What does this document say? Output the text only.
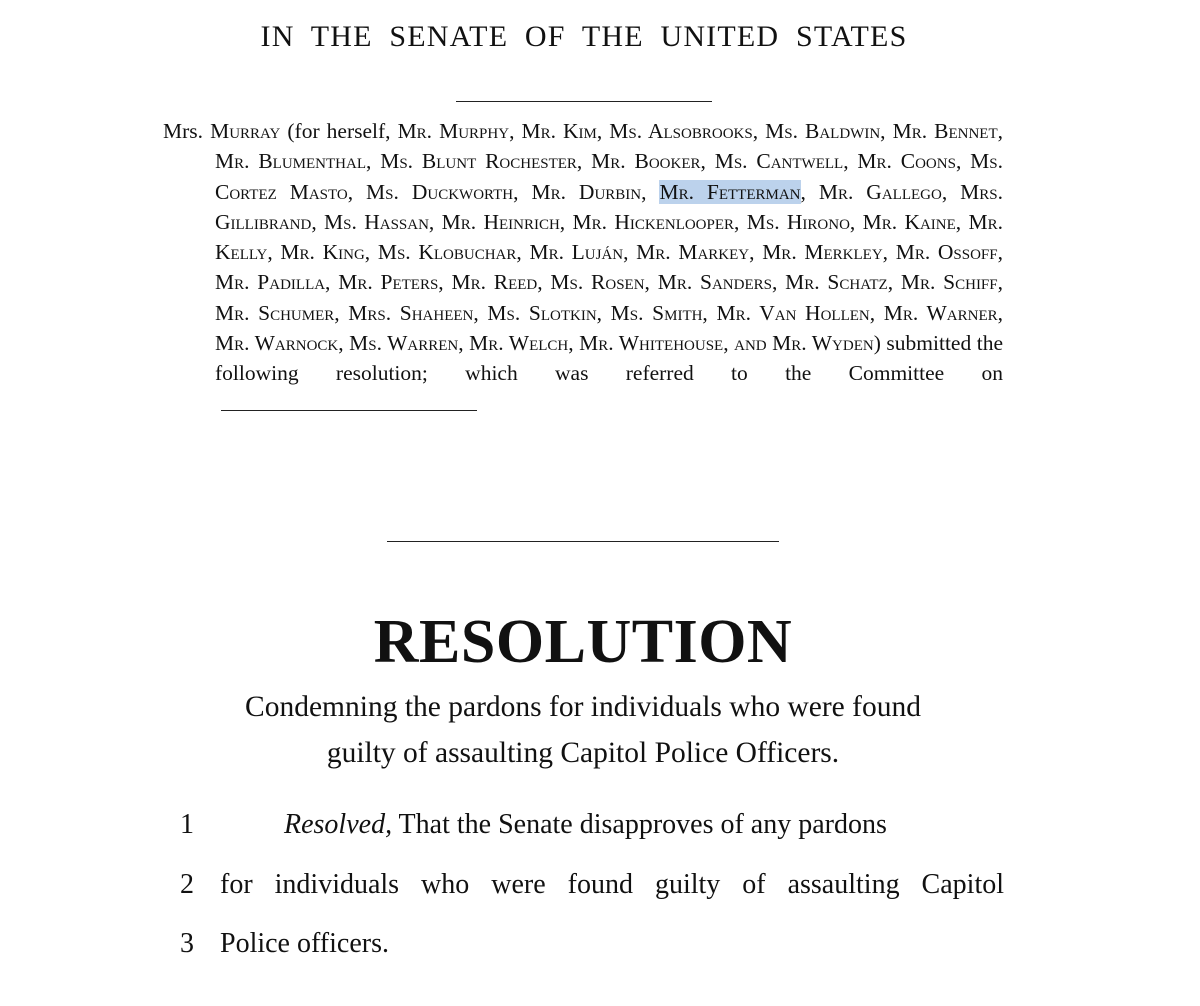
IN THE SENATE OF THE UNITED STATES
Mrs. Murray (for herself, Mr. Murphy, Mr. Kim, Ms. Alsobrooks, Ms. Baldwin, Mr. Bennet, Mr. Blumenthal, Ms. Blunt Rochester, Mr. Booker, Ms. Cantwell, Mr. Coons, Ms. Cortez Masto, Ms. Duckworth, Mr. Durbin, Mr. Fetterman, Mr. Gallego, Mrs. Gillibrand, Ms. Hassan, Mr. Heinrich, Mr. Hickenlooper, Ms. Hirono, Mr. Kaine, Mr. Kelly, Mr. King, Ms. Klobuchar, Mr. Luján, Mr. Markey, Mr. Merkley, Mr. Ossoff, Mr. Padilla, Mr. Peters, Mr. Reed, Ms. Rosen, Mr. Sanders, Mr. Schatz, Mr. Schiff, Mr. Schumer, Mrs. Shaheen, Ms. Slotkin, Ms. Smith, Mr. Van Hollen, Mr. Warner, Mr. Warnock, Ms. Warren, Mr. Welch, Mr. Whitehouse, and Mr. Wyden) submitted the following resolution; which was referred to the Committee on
RESOLUTION
Condemning the pardons for individuals who were found
guilty of assaulting Capitol Police Officers.
1	Resolved, That the Senate disapproves of any pardons
2 for individuals who were found guilty of assaulting Capitol
3 Police officers.
